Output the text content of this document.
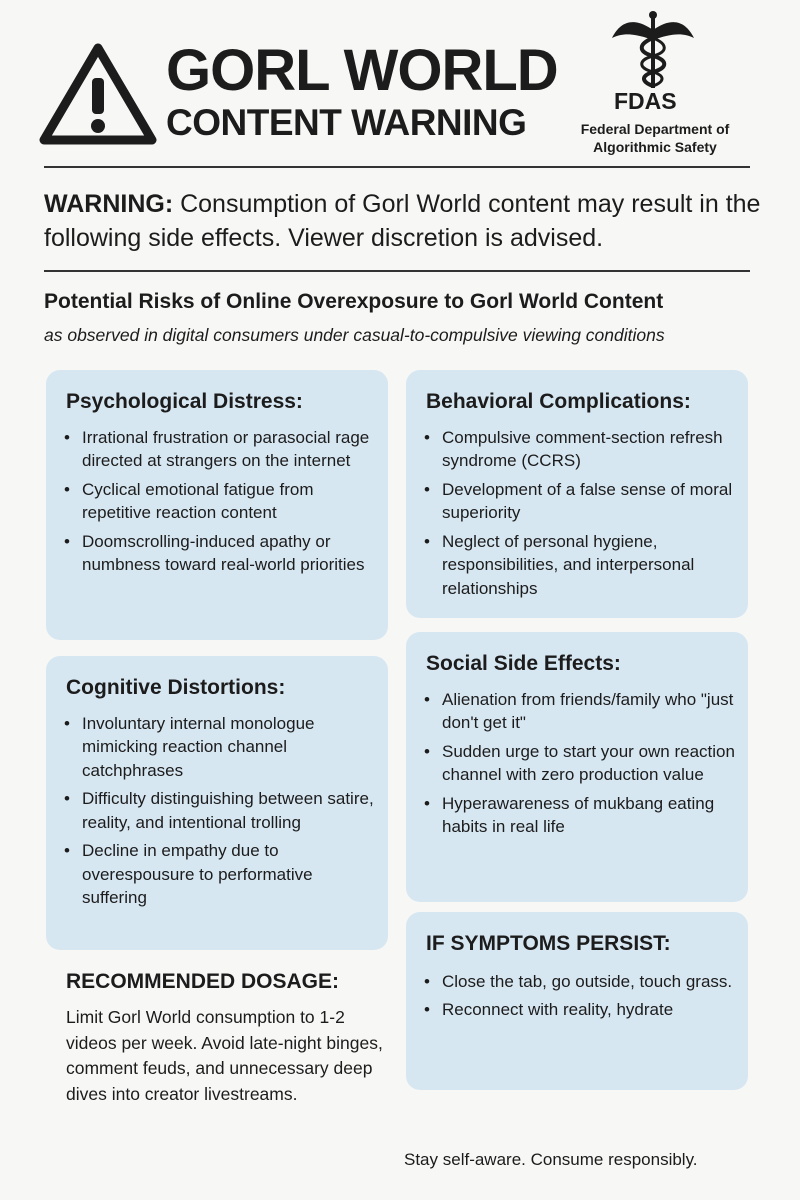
GORL WORLD
CONTENT WARNING
FDAS
Federal Department of
Algorithmic Safety
WARNING: Consumption of Gorl World content may result in the following side effects. Viewer discretion is advised.
Potential Risks of Online Overexposure to Gorl World Content
as observed in digital consumers under casual-to-compulsive viewing conditions
Psychological Distress:
• Irrational frustration or parasocial rage directed at strangers on the internet
• Cyclical emotional fatigue from repetitive reaction content
• Doomscrolling-induced apathy or numbness toward real-world priorities
Behavioral Complications:
• Compulsive comment-section refresh syndrome (CCRS)
• Development of a false sense of moral superiority
• Neglect of personal hygiene, responsibilities, and interpersonal relationships
Cognitive Distortions:
• Involuntary internal monologue mimicking reaction channel catchphrases
• Difficulty distinguishing between satire, reality, and intentional trolling
• Decline in empathy due to overespousure to performative suffering
Social Side Effects:
• Alienation from friends/family who "just don't get it"
• Sudden urge to start your own reaction channel with zero production value
• Hyperawareness of mukbang eating habits in real life
IF SYMPTOMS PERSIST:
• Close the tab, go outside, touch grass.
• Reconnect with reality, hydrate
RECOMMENDED DOSAGE:
Limit Gorl World consumption to 1-2 videos per week. Avoid late-night binges, comment feuds, and unnecessary deep dives into creator livestreams.
Stay self-aware. Consume responsibly.
